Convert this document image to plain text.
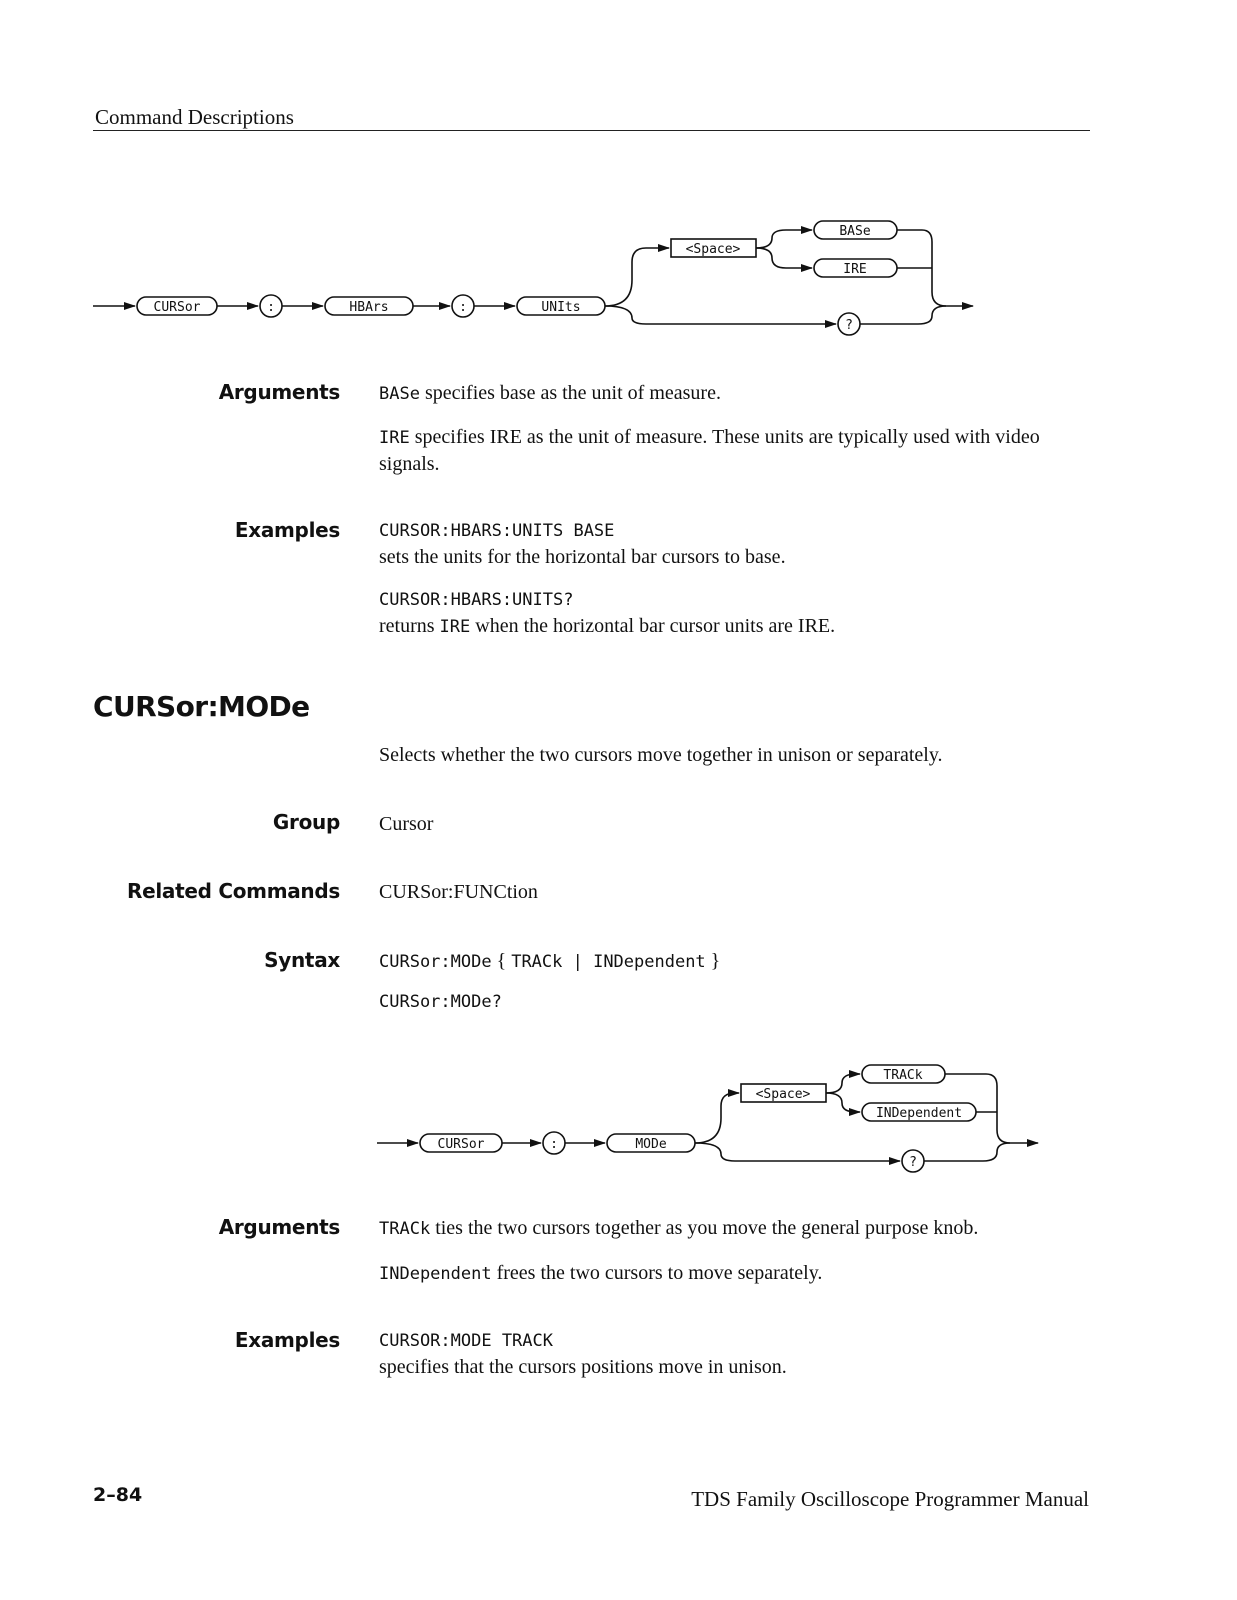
Command Descriptions
CURSor	:	HBArs	:	UNIts
<Space>
BASe
IRE
?
Arguments BASe specifies base as the unit of measure.
IRE specifies IRE as the unit of measure. These units are typically used with video signals.
Examples CURSOR:HBARS:UNITS BASE
sets the units for the horizontal bar cursors to base.
CURSOR:HBARS:UNITS?
returns IRE when the horizontal bar cursor units are IRE.
CURSor:MODe
Selects whether the two cursors move together in unison or separately.
Group Cursor
Related Commands CURSor:FUNCtion
Syntax CURSor:MODe { TRACk | INDependent }
CURSor:MODe?
CURSor	:	MODe
<Space>
TRACk
INDependent
?
Arguments TRACk ties the two cursors together as you move the general purpose knob.
INDependent frees the two cursors to move separately.
Examples CURSOR:MODE TRACK
specifies that the cursors positions move in unison.
2–84	TDS Family Oscilloscope Programmer Manual
